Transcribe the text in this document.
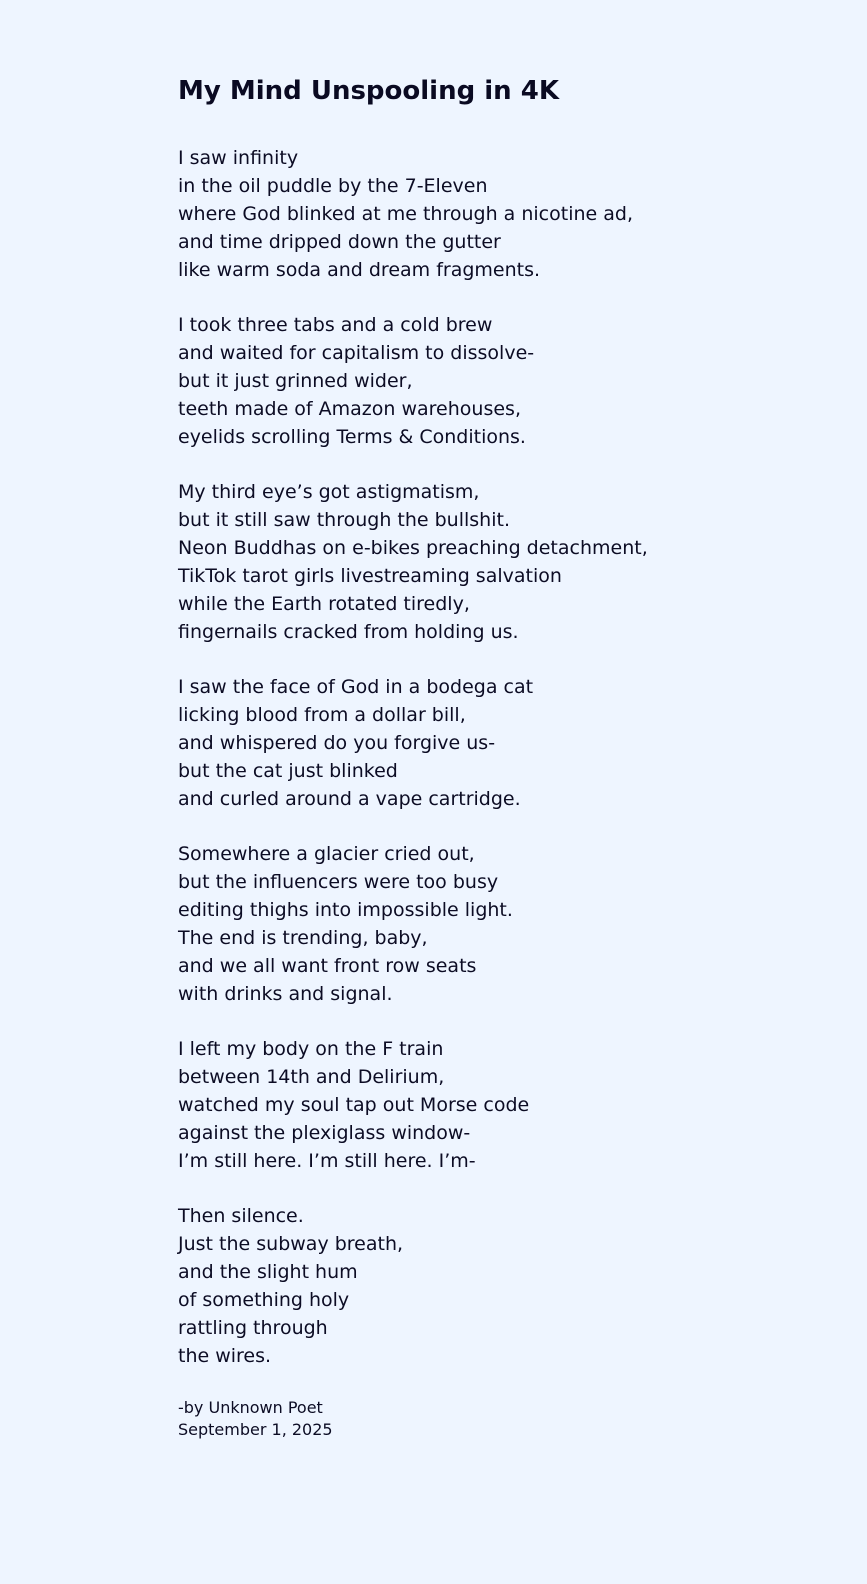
My Mind Unspooling in 4K
I saw infinity
in the oil puddle by the 7-Eleven
where God blinked at me through a nicotine ad,
and time dripped down the gutter
like warm soda and dream fragments.
I took three tabs and a cold brew
and waited for capitalism to dissolve-
but it just grinned wider,
teeth made of Amazon warehouses,
eyelids scrolling Terms & Conditions.
My third eye’s got astigmatism,
but it still saw through the bullshit.
Neon Buddhas on e-bikes preaching detachment,
TikTok tarot girls livestreaming salvation
while the Earth rotated tiredly,
fingernails cracked from holding us.
I saw the face of God in a bodega cat
licking blood from a dollar bill,
and whispered do you forgive us-
but the cat just blinked
and curled around a vape cartridge.
Somewhere a glacier cried out,
but the influencers were too busy
editing thighs into impossible light.
The end is trending, baby,
and we all want front row seats
with drinks and signal.
I left my body on the F train
between 14th and Delirium,
watched my soul tap out Morse code
against the plexiglass window-
I’m still here. I’m still here. I’m-
Then silence.
Just the subway breath,
and the slight hum
of something holy
rattling through
the wires.
-by Unknown Poet
September 1, 2025
